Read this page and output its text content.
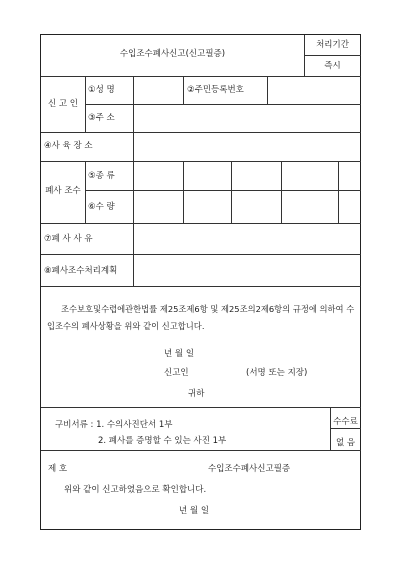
수입조수폐사신고(신고필증)
처리기간
즉시
신 고 인
①성 명	②주민등록번호
③주 소
④사 육 장 소
폐사 조수
⑤종 류
⑥수 량
⑦폐 사 사 유
⑧폐사조수처리계획
조수보호및수렵에관한법률 제25조제6항 및 제25조의2제6항의 규정에 의하여 수입조수의 폐사상황을 위와 같이 신고합니다.
년 월 일
신고인	(서명 또는 지장)
귀하
구비서류 : 1. 수의사진단서 1부
2. 폐사를 증명할 수 있는 사진 1부
수수료
없 음
제 호	수입조수폐사신고필증
위와 같이 신고하였음으로 확인합니다.
년 월 일
